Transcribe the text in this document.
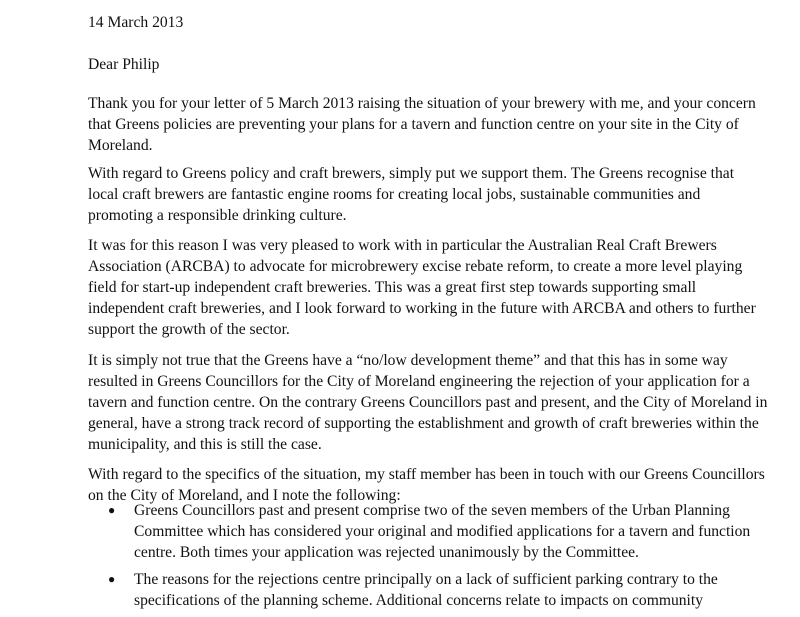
14 March 2013

Dear Philip

Thank you for your letter of 5 March 2013 raising the situation of your brewery with me, and your concern that Greens policies are preventing your plans for a tavern and function centre on your site in the City of Moreland.

With regard to Greens policy and craft brewers, simply put we support them. The Greens recognise that local craft brewers are fantastic engine rooms for creating local jobs, sustainable communities and promoting a responsible drinking culture.

It was for this reason I was very pleased to work with in particular the Australian Real Craft Brewers Association (ARCBA) to advocate for microbrewery excise rebate reform, to create a more level playing field for start-up independent craft breweries. This was a great first step towards supporting small independent craft breweries, and I look forward to working in the future with ARCBA and others to further support the growth of the sector.

It is simply not true that the Greens have a “no/low development theme” and that this has in some way resulted in Greens Councillors for the City of Moreland engineering the rejection of your application for a tavern and function centre. On the contrary Greens Councillors past and present, and the City of Moreland in general, have a strong track record of supporting the establishment and growth of craft breweries within the municipality, and this is still the case.

With regard to the specifics of the situation, my staff member has been in touch with our Greens Councillors on the City of Moreland, and I note the following:

● Greens Councillors past and present comprise two of the seven members of the Urban Planning Committee which has considered your original and modified applications for a tavern and function centre. Both times your application was rejected unanimously by the Committee.
● The reasons for the rejections centre principally on a lack of sufficient parking contrary to the specifications of the planning scheme. Additional concerns relate to impacts on community
